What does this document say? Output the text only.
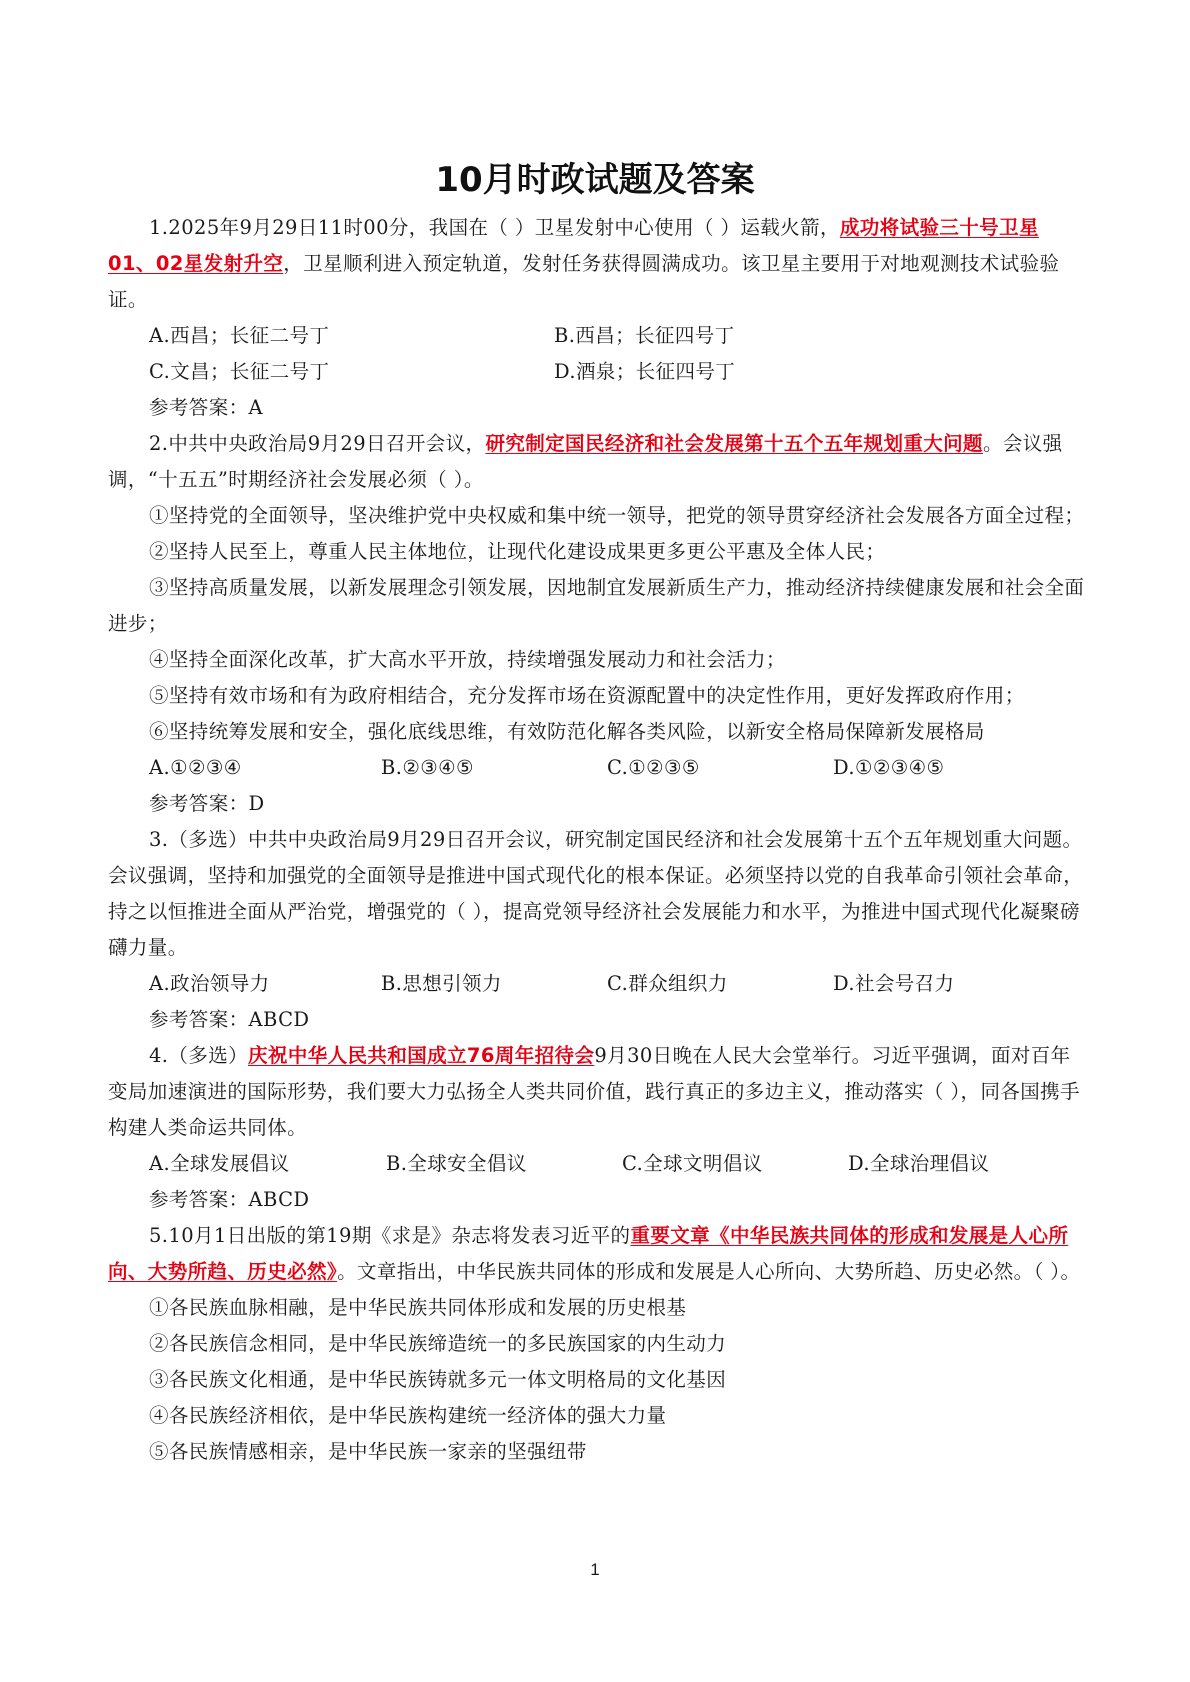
10月时政试题及答案

1.2025年9月29日11时00分，我国在（ ）卫星发射中心使用（ ）运载火箭，成功将试验三十号卫星01、02星发射升空，卫星顺利进入预定轨道，发射任务获得圆满成功。该卫星主要用于对地观测技术试验验证。

A.西昌；长征二号丁	B.西昌；长征四号丁
C.文昌；长征二号丁	D.酒泉；长征四号丁

参考答案：A

2.中共中央政治局9月29日召开会议，研究制定国民经济和社会发展第十五个五年规划重大问题。会议强调，“十五五”时期经济社会发展必须（ ）。

①坚持党的全面领导，坚决维护党中央权威和集中统一领导，把党的领导贯穿经济社会发展各方面全过程；

②坚持人民至上，尊重人民主体地位，让现代化建设成果更多更公平惠及全体人民；

③坚持高质量发展，以新发展理念引领发展，因地制宜发展新质生产力，推动经济持续健康发展和社会全面进步；

④坚持全面深化改革，扩大高水平开放，持续增强发展动力和社会活力；

⑤坚持有效市场和有为政府相结合，充分发挥市场在资源配置中的决定性作用，更好发挥政府作用；

⑥坚持统筹发展和安全，强化底线思维，有效防范化解各类风险，以新安全格局保障新发展格局

A.①②③④	B.②③④⑤	C.①②③⑤	D.①②③④⑤

参考答案：D

3.（多选）中共中央政治局9月29日召开会议，研究制定国民经济和社会发展第十五个五年规划重大问题。会议强调，坚持和加强党的全面领导是推进中国式现代化的根本保证。必须坚持以党的自我革命引领社会革命，持之以恒推进全面从严治党，增强党的（ ），提高党领导经济社会发展能力和水平，为推进中国式现代化凝聚磅礴力量。

A.政治领导力	B.思想引领力	C.群众组织力	D.社会号召力

参考答案：ABCD

4.（多选）庆祝中华人民共和国成立76周年招待会9月30日晚在人民大会堂举行。习近平强调，面对百年变局加速演进的国际形势，我们要大力弘扬全人类共同价值，践行真正的多边主义，推动落实（ ），同各国携手构建人类命运共同体。

A.全球发展倡议	B.全球安全倡议	C.全球文明倡议	D.全球治理倡议

参考答案：ABCD

5.10月1日出版的第19期《求是》杂志将发表习近平的重要文章《中华民族共同体的形成和发展是人心所向、大势所趋、历史必然》。文章指出，中华民族共同体的形成和发展是人心所向、大势所趋、历史必然。（ ）。

①各民族血脉相融，是中华民族共同体形成和发展的历史根基

②各民族信念相同，是中华民族缔造统一的多民族国家的内生动力

③各民族文化相通，是中华民族铸就多元一体文明格局的文化基因

④各民族经济相依，是中华民族构建统一经济体的强大力量

⑤各民族情感相亲，是中华民族一家亲的坚强纽带

1
